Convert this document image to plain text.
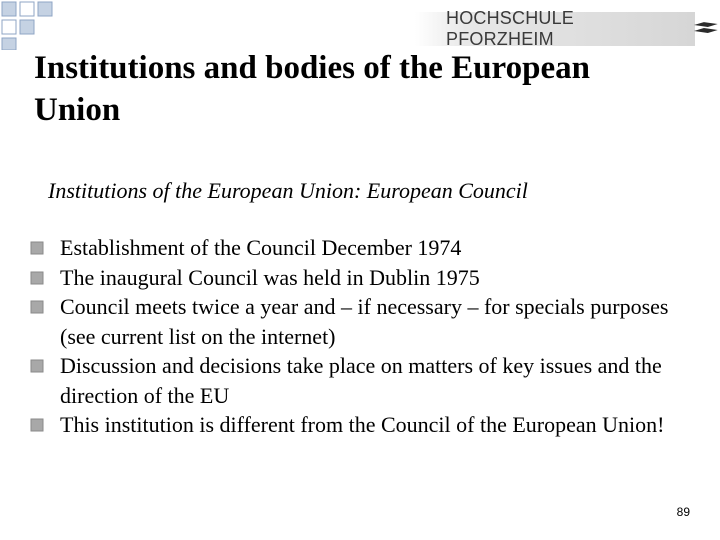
HOCHSCHULE PFORZHEIM
Institutions and bodies of the European Union
Institutions of the European Union: European Council
Establishment of the Council December 1974
The inaugural Council was held in Dublin 1975
Council meets twice a year and – if necessary – for specials purposes (see current list on the internet)
Discussion and decisions take place on matters of key issues and the direction of the EU
This institution is different from the Council of the European Union!
89
